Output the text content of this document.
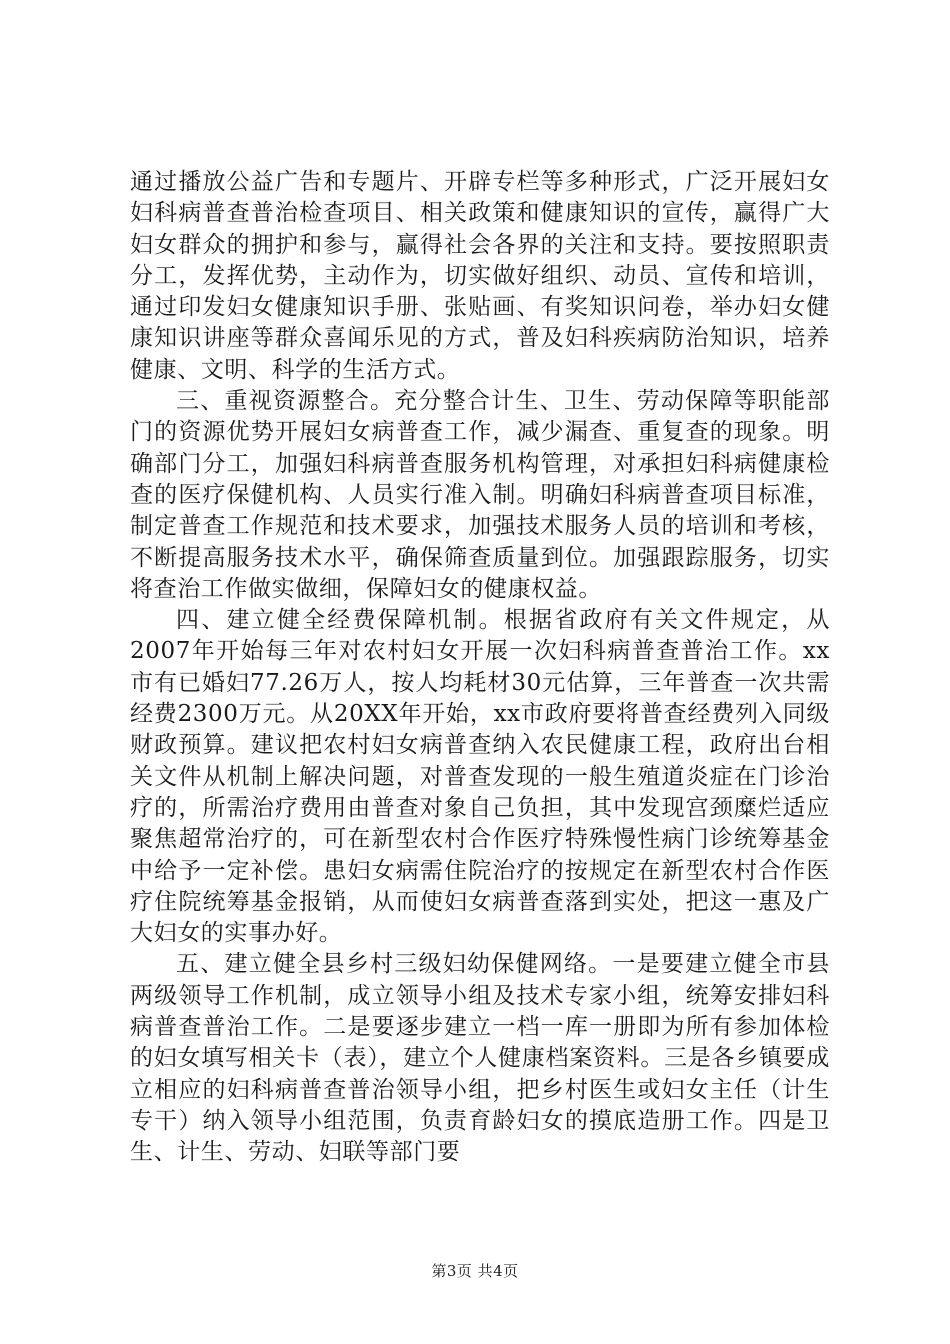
通过播放公益广告和专题片、开辟专栏等多种形式，广泛开展妇女妇科病普查普治检查项目、相关政策和健康知识的宣传，赢得广大妇女群众的拥护和参与，赢得社会各界的关注和支持。要按照职责分工，发挥优势，主动作为，切实做好组织、动员、宣传和培训，通过印发妇女健康知识手册、张贴画、有奖知识问卷，举办妇女健康知识讲座等群众喜闻乐见的方式，普及妇科疾病防治知识，培养健康、文明、科学的生活方式。

三、重视资源整合。充分整合计生、卫生、劳动保障等职能部门的资源优势开展妇女病普查工作，减少漏查、重复查的现象。明确部门分工，加强妇科病普查服务机构管理，对承担妇科病健康检查的医疗保健机构、人员实行准入制。明确妇科病普查项目标准，制定普查工作规范和技术要求，加强技术服务人员的培训和考核，不断提高服务技术水平，确保筛查质量到位。加强跟踪服务，切实将查治工作做实做细，保障妇女的健康权益。

四、建立健全经费保障机制。根据省政府有关文件规定，从2007年开始每三年对农村妇女开展一次妇科病普查普治工作。xx市有已婚妇77.26万人，按人均耗材30元估算，三年普查一次共需经费2300万元。从20XX年开始，xx市政府要将普查经费列入同级财政预算。建议把农村妇女病普查纳入农民健康工程，政府出台相关文件从机制上解决问题，对普查发现的一般生殖道炎症在门诊治疗的，所需治疗费用由普查对象自己负担，其中发现宫颈糜烂适应聚焦超常治疗的，可在新型农村合作医疗特殊慢性病门诊统筹基金中给予一定补偿。患妇女病需住院治疗的按规定在新型农村合作医疗住院统筹基金报销，从而使妇女病普查落到实处，把这一惠及广大妇女的实事办好。

五、建立健全县乡村三级妇幼保健网络。一是要建立健全市县两级领导工作机制，成立领导小组及技术专家小组，统筹安排妇科病普查普治工作。二是要逐步建立一档一库一册即为所有参加体检的妇女填写相关卡（表），建立个人健康档案资料。三是各乡镇要成立相应的妇科病普查普治领导小组，把乡村医生或妇女主任（计生专干）纳入领导小组范围，负责育龄妇女的摸底造册工作。四是卫生、计生、劳动、妇联等部门要

第3页 共4页
